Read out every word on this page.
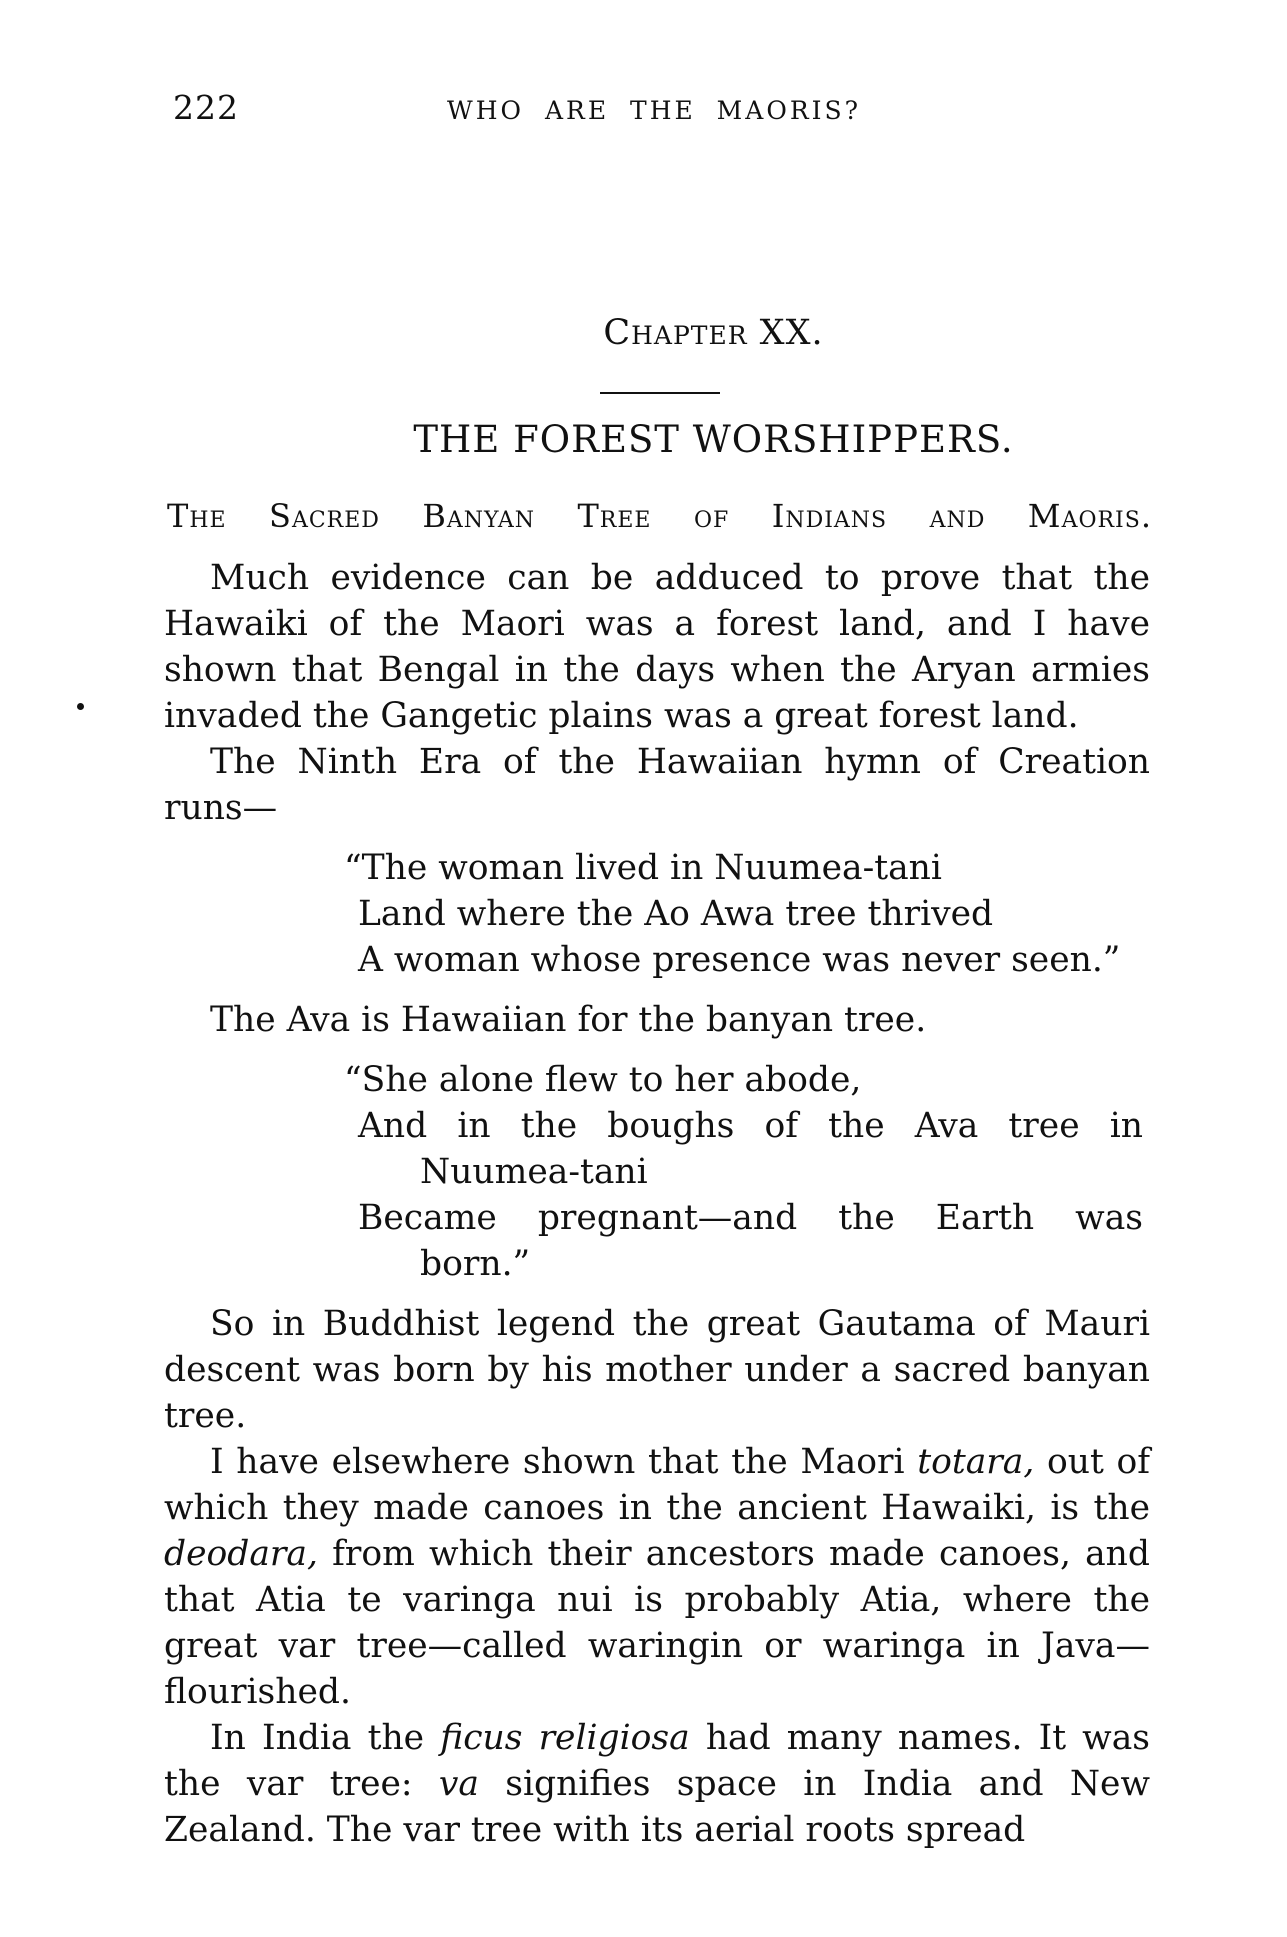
222	WHO ARE THE MAORIS?
Chapter XX.
THE FOREST WORSHIPPERS.
The Sacred Banyan Tree of Indians and Maoris.
Much evidence can be adduced to prove that the Hawaiki of the Maori was a forest land, and I have shown that Bengal in the days when the Aryan armies invaded the Gangetic plains was a great forest land.
The Ninth Era of the Hawaiian hymn of Creation runs—
“The woman lived in Nuumea-tani
Land where the Ao Awa tree thrived
A woman whose presence was never seen.”
The Ava is Hawaiian for the banyan tree.
“She alone flew to her abode,
And in the boughs of the Ava tree in
Nuumea-tani
Became pregnant—and the Earth was
born.”
So in Buddhist legend the great Gautama of Mauri descent was born by his mother under a sacred banyan tree.
I have elsewhere shown that the Maori totara, out of which they made canoes in the ancient Hawaiki, is the deodara, from which their ancestors made canoes, and that Atia te varinga nui is probably Atia, where the great var tree—called waringin or waringa in Java—flourished.
In India the ficus religiosa had many names. It was the var tree: va signifies space in India and New Zealand. The var tree with its aerial roots spread
